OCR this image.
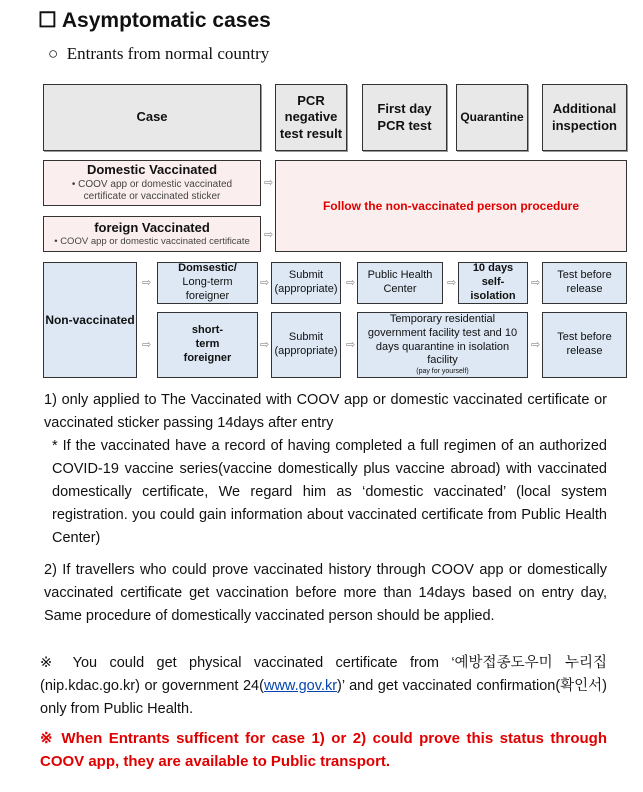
☐ Asymptomatic cases
○ Entrants from normal country
Case
PCR negative test result
First day PCR test
Quarantine
Additional inspection
Domestic Vaccinated
• COOV app or domestic vaccinated certificate or vaccinated sticker
foreign Vaccinated
• COOV app or domestic vaccinated certificate
⇨
⇨
Follow the non-vaccinated person procedure
Non-vaccinated
⇨
⇨
Domsestic/
Long-term foreigner
⇨
Submit (appropriate) ⇨
Public Health Center	⇨
10 days self-isolation
⇨
Test before release
short-term foreigner
⇨
Submit (appropriate) ⇨
Temporary residential government facility test and 10 days quarantine in isolation facility
(pay for yourself)
⇨
Test before release
1) only applied to The Vaccinated with COOV app or domestic vaccinated certificate or vaccinated sticker passing 14days after entry
* If the vaccinated have a record of having completed a full regimen of an authorized COVID-19 vaccine series(vaccine domestically plus vaccine abroad) with vaccinated domestically certificate, We regard him as ‘domestic vaccinated’ (local system registration. you could gain information about vaccinated certificate from Public Health Center)
2) If travellers who could prove vaccinated history through COOV app or domestically vaccinated certificate get vaccination before more than 14days based on entry day, Same procedure of domestically vaccinated person should be applied.
※ You could get physical vaccinated certificate from ‘예방접종도우미 누리집 (nip.kdac.go.kr) or government 24(www.gov.kr)’ and get vaccinated confirmation(확인서) only from Public Health.
※ When Entrants sufficent for case 1) or 2) could prove this status through COOV app, they are available to Public transport.
